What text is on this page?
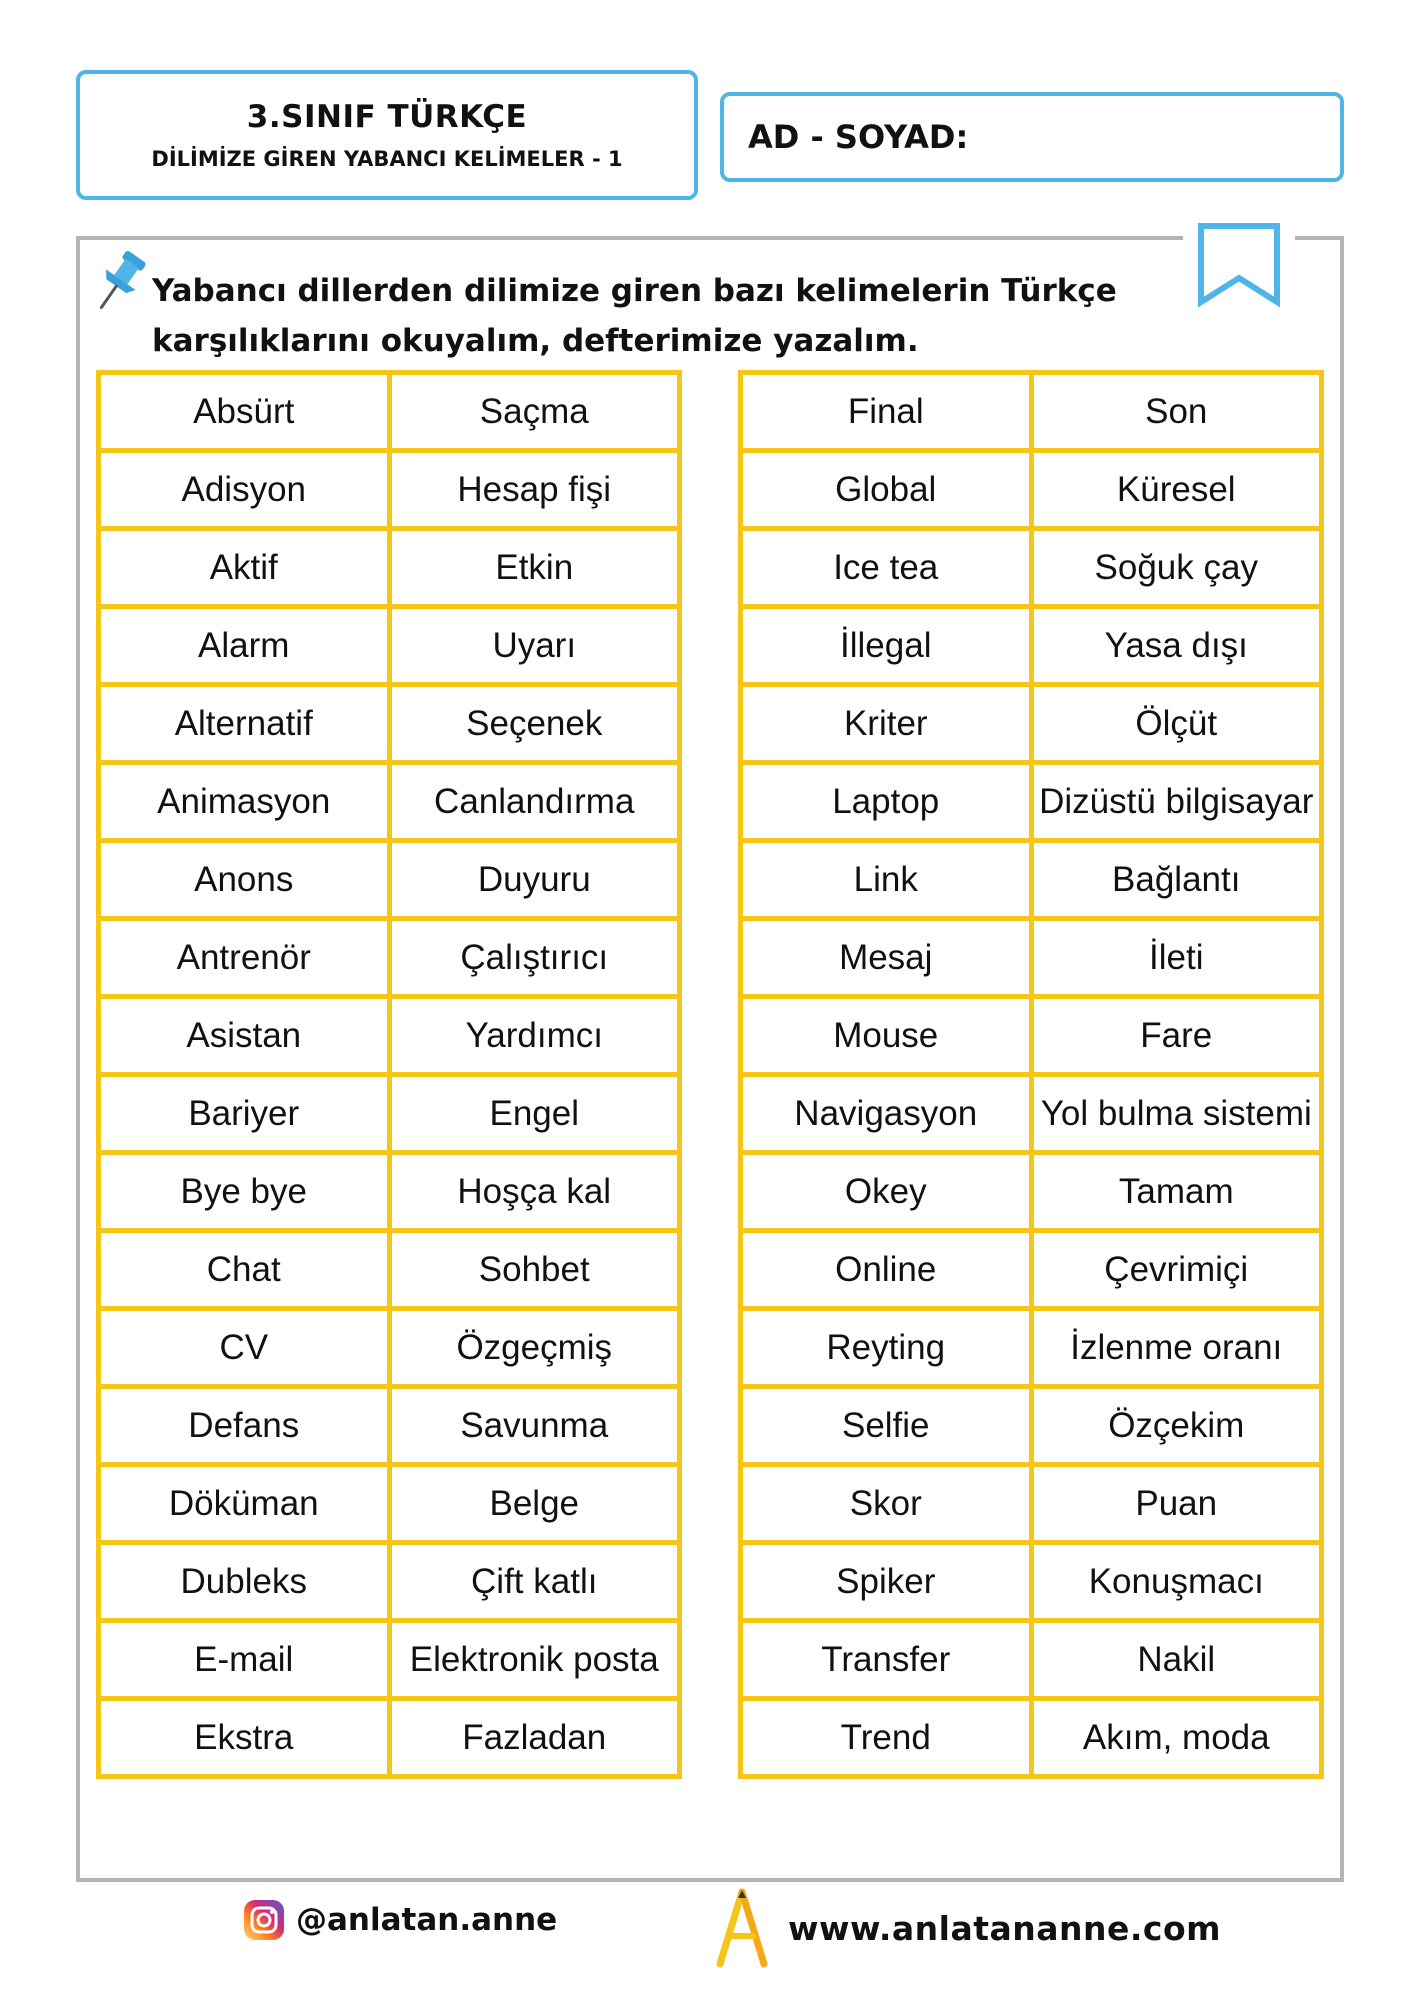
3.SINIF TÜRKÇE
DİLİMİZE GİREN YABANCI KELİMELER - 1
AD - SOYAD:
Yabancı dillerden dilimize giren bazı kelimelerin Türkçe
karşılıklarını okuyalım, defterimize yazalım.
Absürt	Saçma
Adisyon	Hesap fişi
Aktif	Etkin
Alarm	Uyarı
Alternatif	Seçenek
Animasyon	Canlandırma
Anons	Duyuru
Antrenör	Çalıştırıcı
Asistan	Yardımcı
Bariyer	Engel
Bye bye	Hoşça kal
Chat	Sohbet
CV	Özgeçmiş
Defans	Savunma
Döküman	Belge
Dubleks	Çift katlı
E-mail	Elektronik posta
Ekstra	Fazladan
Final	Son
Global	Küresel
Ice tea	Soğuk çay
İllegal	Yasa dışı
Kriter	Ölçüt
Laptop	Dizüstü bilgisayar
Link	Bağlantı
Mesaj	İleti
Mouse	Fare
Navigasyon	Yol bulma sistemi
Okey	Tamam
Online	Çevrimiçi
Reyting	İzlenme oranı
Selfie	Özçekim
Skor	Puan
Spiker	Konuşmacı
Transfer	Nakil
Trend	Akım, moda
@anlatan.anne	www.anlatananne.com
